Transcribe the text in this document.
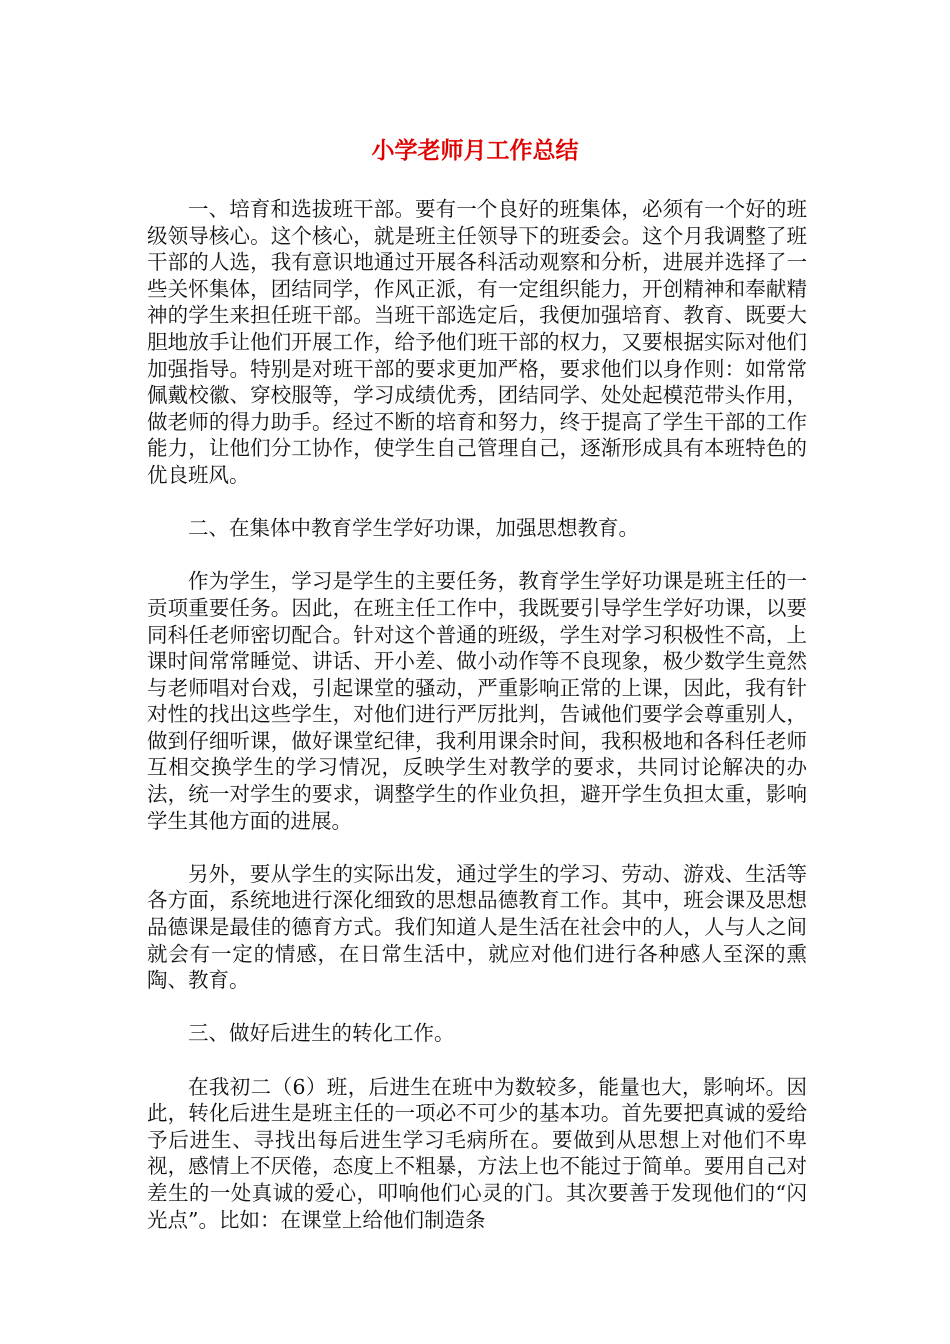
小学老师月工作总结

一、培育和选拔班干部。要有一个良好的班集体，必须有一个好的班级领导核心。这个核心，就是班主任领导下的班委会。这个月我调整了班干部的人选，我有意识地通过开展各科活动观察和分析，进展并选择了一些关怀集体，团结同学，作风正派，有一定组织能力，开创精神和奉献精神的学生来担任班干部。当班干部选定后，我便加强培育、教育、既要大胆地放手让他们开展工作，给予他们班干部的权力，又要根据实际对他们加强指导。特别是对班干部的要求更加严格，要求他们以身作则：如常常佩戴校徽、穿校服等，学习成绩优秀，团结同学、处处起模范带头作用，做老师的得力助手。经过不断的培育和努力，终于提高了学生干部的工作能力，让他们分工协作，使学生自己管理自己，逐渐形成具有本班特色的优良班风。

二、在集体中教育学生学好功课，加强思想教育。

作为学生，学习是学生的主要任务，教育学生学好功课是班主任的一贡项重要任务。因此，在班主任工作中，我既要引导学生学好功课，以要同科任老师密切配合。针对这个普通的班级，学生对学习积极性不高，上课时间常常睡觉、讲话、开小差、做小动作等不良现象，极少数学生竟然与老师唱对台戏，引起课堂的骚动，严重影响正常的上课，因此，我有针对性的找出这些学生，对他们进行严厉批判，告诫他们要学会尊重别人，做到仔细听课，做好课堂纪律，我利用课余时间，我积极地和各科任老师互相交换学生的学习情况，反映学生对教学的要求，共同讨论解决的办法，统一对学生的要求，调整学生的作业负担，避开学生负担太重，影响学生其他方面的进展。

另外，要从学生的实际出发，通过学生的学习、劳动、游戏、生活等各方面，系统地进行深化细致的思想品德教育工作。其中，班会课及思想品德课是最佳的德育方式。我们知道人是生活在社会中的人，人与人之间就会有一定的情感，在日常生活中，就应对他们进行各种感人至深的熏陶、教育。

三、做好后进生的转化工作。

在我初二（6）班，后进生在班中为数较多，能量也大，影响坏。因此，转化后进生是班主任的一项必不可少的基本功。首先要把真诚的爱给予后进生、寻找出每后进生学习毛病所在。要做到从思想上对他们不卑视，感情上不厌倦，态度上不粗暴，方法上也不能过于简单。要用自己对差生的一处真诚的爱心，叩响他们心灵的门。其次要善于发现他们的“闪光点”。比如：在课堂上给他们制造条
